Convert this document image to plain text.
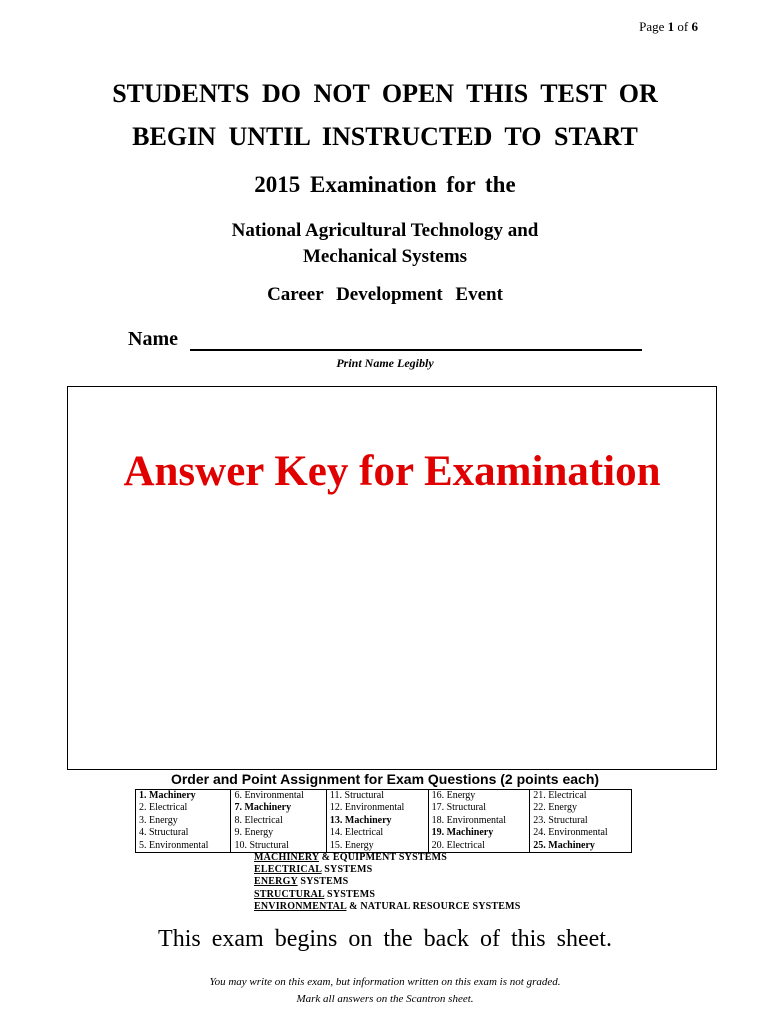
Page 1 of 6
STUDENTS DO NOT OPEN THIS TEST OR
BEGIN UNTIL INSTRUCTED TO START
2015 Examination for the
National Agricultural Technology and
Mechanical Systems
Career Development Event
Name
Print Name Legibly
Answer Key for Examination
Order and Point Assignment for Exam Questions (2 points each)
1. Machinery	6. Environmental	11. Structural	16. Energy	21. Electrical
2. Electrical	7. Machinery	12. Environmental	17. Structural	22. Energy
3. Energy	8. Electrical	13. Machinery	18. Environmental	23. Structural
4. Structural	9. Energy	14. Electrical	19. Machinery	24. Environmental
5. Environmental	10. Structural	15. Energy	20. Electrical	25. Machinery
MACHINERY & EQUIPMENT SYSTEMS
ELECTRICAL SYSTEMS
ENERGY SYSTEMS
STRUCTURAL SYSTEMS
ENVIRONMENTAL & NATURAL RESOURCE SYSTEMS
This exam begins on the back of this sheet.
You may write on this exam, but information written on this exam is not graded.
Mark all answers on the Scantron sheet.
